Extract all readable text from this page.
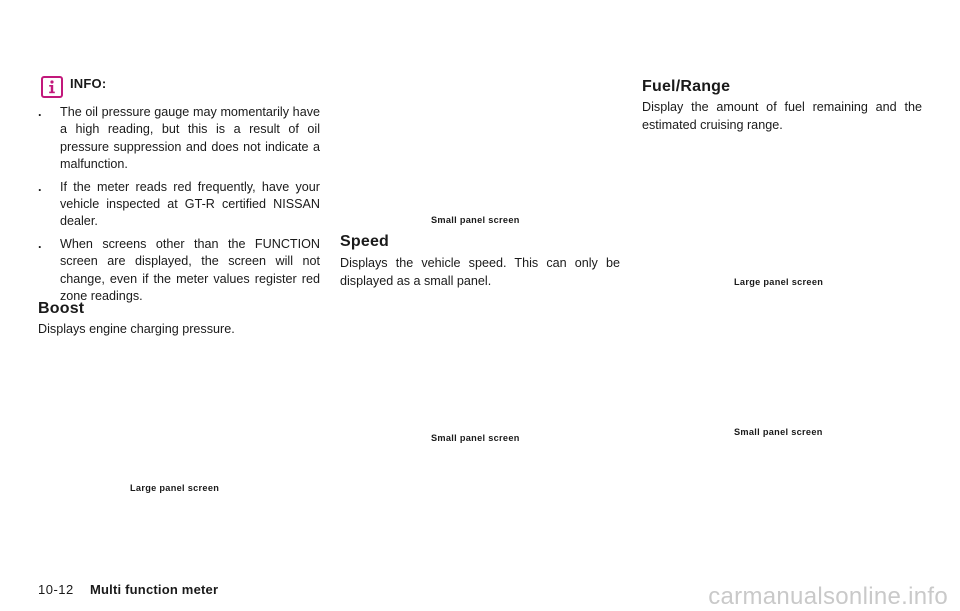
INFO:
. The oil pressure gauge may momentarily have a high reading, but this is a result of oil pressure suppression and does not indicate a malfunction.
. If the meter reads red frequently, have your vehicle inspected at GT-R certified NISSAN dealer.
. When screens other than the FUNCTION screen are displayed, the screen will not change, even if the meter values register red zone readings.
Boost
Displays engine charging pressure.
Large panel screen
Small panel screen
Speed
Displays the vehicle speed. This can only be displayed as a small panel.
Small panel screen
Fuel/Range
Display the amount of fuel remaining and the estimated cruising range.
Large panel screen
Small panel screen
10-12 Multi function meter	carmanualsonline.info
